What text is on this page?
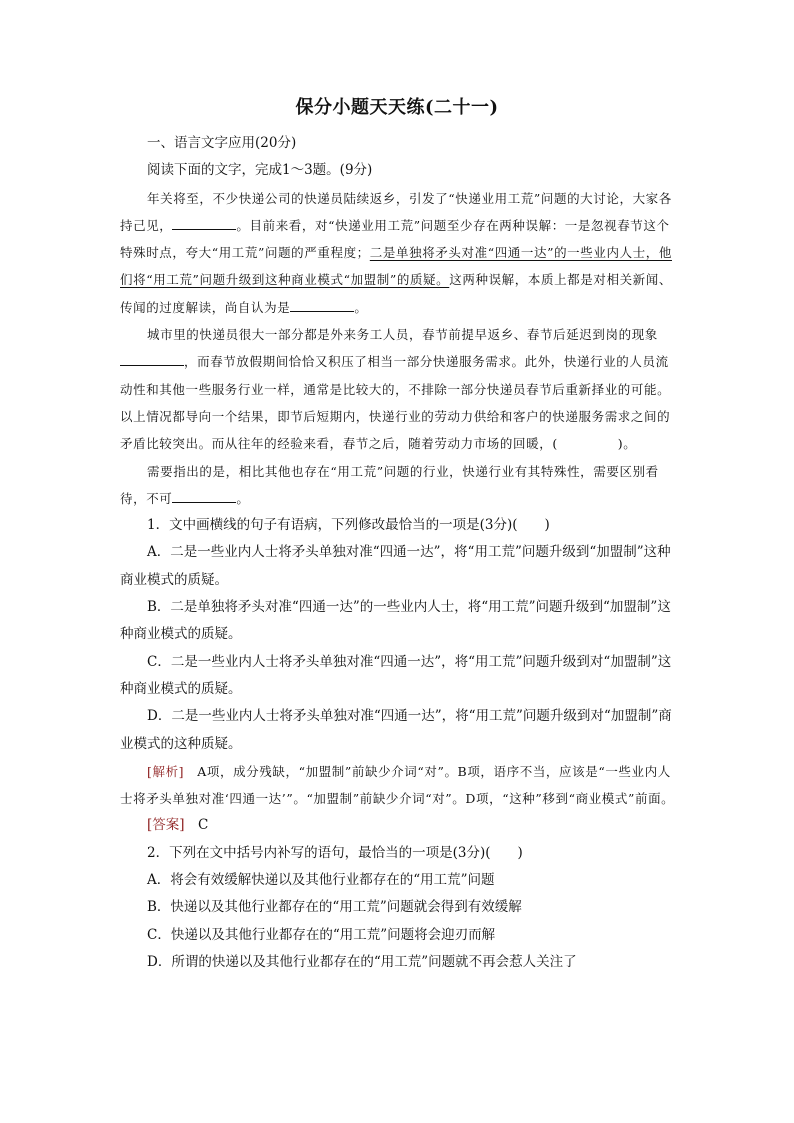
保分小题天天练(二十一)

一、语言文字应用(20分)

阅读下面的文字，完成1～3题。(9分)

年关将至，不少快递公司的快递员陆续返乡，引发了“快递业用工荒”问题的大讨论，大家各持己见，	。目前来看，对“快递业用工荒”问题至少存在两种误解：一是忽视春节这个特殊时点，夸大“用工荒”问题的严重程度；二是单独将矛头对准“四通一达”的一些业内人士，他们将“用工荒”问题升级到这种商业模式“加盟制”的质疑。这两种误解，本质上都是对相关新闻、传闻的过度解读，尚自认为是	。

城市里的快递员很大一部分都是外来务工人员，春节前提早返乡、春节后延迟到岗的现象，而春节放假期间恰恰又积压了相当一部分快递服务需求。此外，快递行业的人员流动性和其他一些服务行业一样，通常是比较大的，不排除一部分快递员春节后重新择业的可能。以上情况都导向一个结果，即节后短期内，快递行业的劳动力供给和客户的快递服务需求之间的矛盾比较突出。而从往年的经验来看，春节之后，随着劳动力市场的回暖，(	)。

需要指出的是，相比其他也存在“用工荒”问题的行业，快递行业有其特殊性，需要区别看待，不可	。

1．文中画横线的句子有语病，下列修改最恰当的一项是(3分)(　　)

A．二是一些业内人士将矛头单独对准“四通一达”，将“用工荒”问题升级到“加盟制”这种商业模式的质疑。

B．二是单独将矛头对准“四通一达”的一些业内人士，将“用工荒”问题升级到“加盟制”这种商业模式的质疑。

C．二是一些业内人士将矛头单独对准“四通一达”，将“用工荒”问题升级到对“加盟制”这种商业模式的质疑。

D．二是一些业内人士将矛头单独对准“四通一达”，将“用工荒”问题升级到对“加盟制”商业模式的这种质疑。

[解析]　A项，成分残缺，“加盟制”前缺少介词“对”。B项，语序不当，应该是“一些业内人士将矛头单独对准‘四通一达’”。“加盟制”前缺少介词“对”。D项，“这种”移到“商业模式”前面。

[答案]　C

2．下列在文中括号内补写的语句，最恰当的一项是(3分)(　　)

A．将会有效缓解快递以及其他行业都存在的“用工荒”问题

B．快递以及其他行业都存在的“用工荒”问题就会得到有效缓解

C．快递以及其他行业都存在的“用工荒”问题将会迎刃而解

D．所谓的快递以及其他行业都存在的“用工荒”问题就不再会惹人关注了
